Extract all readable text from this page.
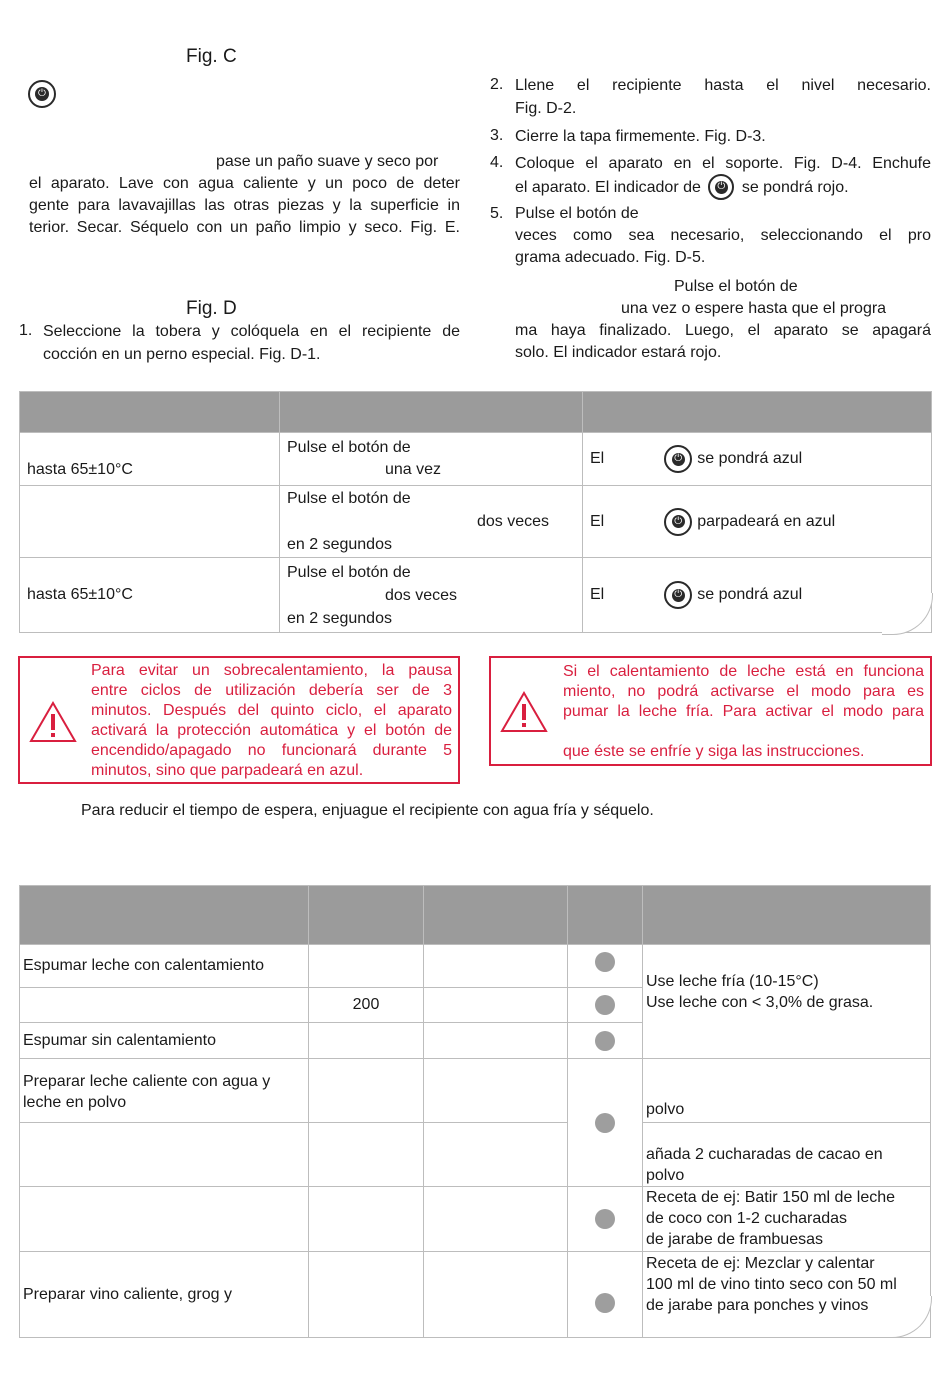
Fig. C
⏻
pase un paño suave y seco por
el aparato. Lave con agua caliente y un poco de deter
gente para lavavajillas las otras piezas y la superficie in
terior. Secar. Séquelo con un paño limpio y seco. Fig. E.
Fig. D
1. Seleccione la tobera y colóquela en el recipiente de
cocción en un perno especial. Fig. D-1.
2. Llene el recipiente hasta el nivel necesario.
Fig. D-2.
3. Cierre la tapa firmemente. Fig. D-3.
4. Coloque el aparato en el soporte. Fig. D-4. Enchufe
el aparato. El indicador de ⏻	se pondrá rojo.
5. Pulse el botón de
veces como sea necesario, seleccionando el pro
grama adecuado. Fig. D-5.
Pulse el botón de
una vez o espere hasta que el progra
ma haya finalizado. Luego, el aparato se apagará
solo. El indicador estará rojo.

hasta 65±10°C	Pulse el botón de
una vez	El ⏻ se pondrá azul

	Pulse el botón de
dos veces
en 2 segundos	El ⏻ parpadeará en azul
hasta 65±10°C	Pulse el botón de
dos veces
en 2 segundos	El ⏻ se pondrá azul
Para evitar un sobrecalentamiento, la pausa
entre ciclos de utilización debería ser de 3
minutos. Después del quinto ciclo, el aparato
activará la protección automática y el botón de
encendido/apagado no funcionará durante 5
minutos, sino que parpadeará en azul.
Si el calentamiento de leche está en funciona
miento, no podrá activarse el modo para es
pumar la leche fría. Para activar el modo para
que éste se enfríe y siga las instrucciones.
Para reducir el tiempo de espera, enjuague el recipiente con agua fría y séquelo.

Espumar leche con calentamiento				Use leche fría (10-15°C)
Use leche con < 3,0% de grasa.

	200			

Espumar sin calentamiento				

Preparar leche caliente con agua y leche en polvo				polvo

				añada 2 cucharadas de cacao en
polvo

				Receta de ej: Batir 150 ml de leche
de coco con 1-2 cucharadas
de jarabe de frambuesas

Preparar vino caliente, grog y				Receta de ej: Mezclar y calentar
100 ml de vino tinto seco con 50 ml
de jarabe para ponches y vinos
